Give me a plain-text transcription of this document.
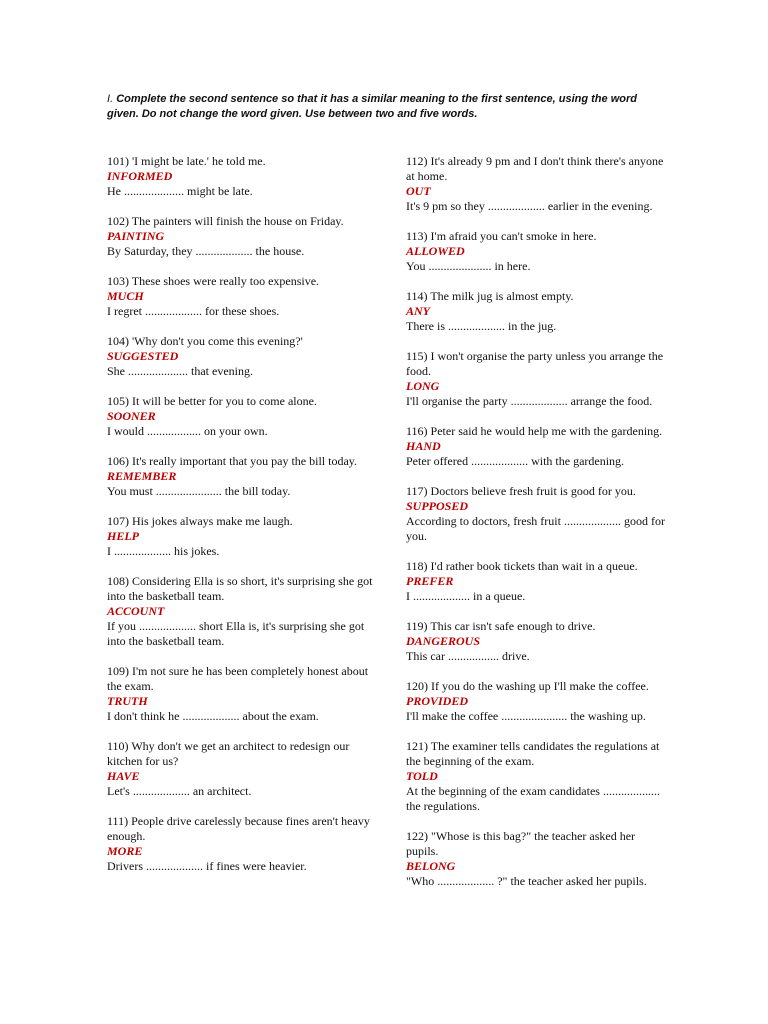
I. Complete the second sentence so that it has a similar meaning to the first sentence, using the word given. Do not change the word given. Use between two and five words.

101) 'I might be late.' he told me.

INFORMED

He .................... might be late.

102) The painters will finish the house on Friday.

PAINTING

By Saturday, they ................... the house.

103) These shoes were really too expensive.

MUCH

I regret ................... for these shoes.

104) 'Why don't you come this evening?'

SUGGESTED

She .................... that evening.

105) It will be better for you to come alone.

SOONER

I would .................. on your own.

106) It's really important that you pay the bill today.

REMEMBER

You must ...................... the bill today.

107) His jokes always make me laugh.

HELP

I ................... his jokes.

108) Considering Ella is so short, it's surprising she got into the basketball team.

ACCOUNT

If you ................... short Ella is, it's surprising she got into the basketball team.

109) I'm not sure he has been completely honest about the exam.

TRUTH

I don't think he ................... about the exam.

110) Why don't we get an architect to redesign our kitchen for us?

HAVE

Let's ................... an architect.

111) People drive carelessly because fines aren't heavy enough.

MORE

Drivers ................... if fines were heavier.

112) It's already 9 pm and I don't think there's anyone at home.

OUT

It's 9 pm so they ................... earlier in the evening.

113) I'm afraid you can't smoke in here.

ALLOWED

You ..................... in here.

114) The milk jug is almost empty.

ANY

There is ................... in the jug.

115) I won't organise the party unless you arrange the food.

LONG

I'll organise the party ................... arrange the food.

116) Peter said he would help me with the gardening.

HAND

Peter offered ................... with the gardening.

117) Doctors believe fresh fruit is good for you.

SUPPOSED

According to doctors, fresh fruit ................... good for you.

118) I'd rather book tickets than wait in a queue.

PREFER

I ................... in a queue.

119) This car isn't safe enough to drive.

DANGEROUS

This car ................. drive.

120) If you do the washing up I'll make the coffee.

PROVIDED

I'll make the coffee ...................... the washing up.

121) The examiner tells candidates the regulations at the beginning of the exam.

TOLD

At the beginning of the exam candidates ................... the regulations.

122) "Whose is this bag?" the teacher asked her pupils.

BELONG

"Who ................... ?" the teacher asked her pupils.
